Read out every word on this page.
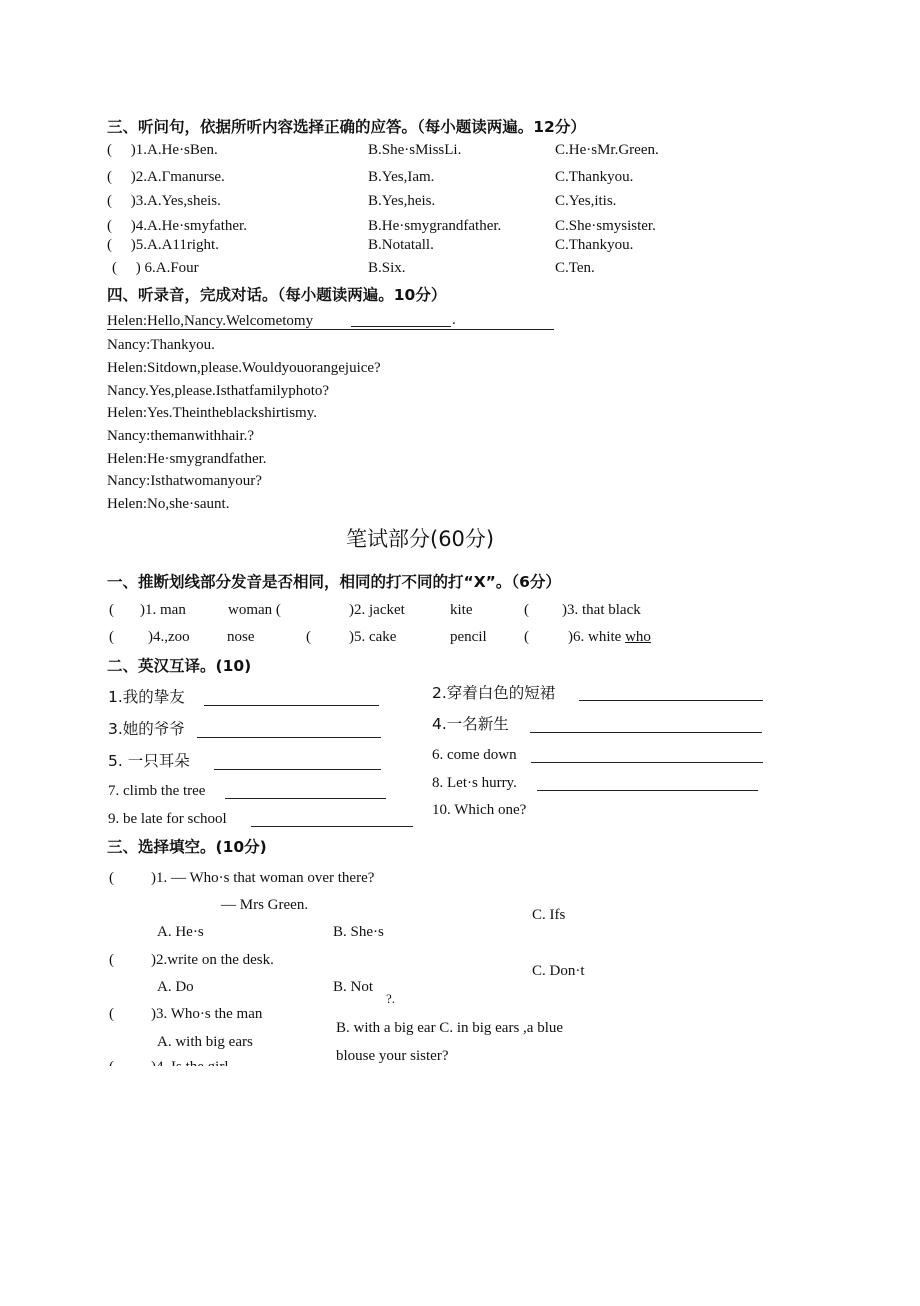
三、听问句，依据所听内容选择正确的应答。（每小题读两遍。12分）
(　 )1.A.He·sBen.	B.She·sMissLi.	C.He·sMr.Green.
(　 )2.A.Γmanurse.	B.Yes,Iam.	C.Thankyou.
(　 )3.A.Yes,sheis.	B.Yes,heis.	C.Yes,itis.
(　 )4.A.He·smyfather.	B.He·smygrandfather.	C.She·smysister.
(　 )5.A.A11right.	B.Notatall.	C.Thankyou.
(　 ) 6.A.Four	B.Six.	C.Ten.
四、听录音，完成对话。（每小题读两遍。10分）
Helen:Hello,Nancy.Welcometomy	.
Nancy:Thankyou.
Helen:Sitdown,please.Wouldyouorangejuice?
Nancy.Yes,please.Isthatfamilyphoto?
Helen:Yes.Theintheblackshirtismy.
Nancy:themanwithhair.?
Helen:He·smygrandfather.
Nancy:Isthatwomanyour?
Helen:No,she·saunt.
笔试部分(60分)
一、推断划线部分发音是否相同，相同的打不同的打“X”。（6分）
( )1. man	woman (	)2. jacket	kite	( )3. that black
( )4.,zoo nose	(	)5. cake	pencil (	)6. white who
二、英汉互译。(10)
1.我的挚友	2.穿着白色的短裙
3.她的爷爷	4.一名新生
5. 一只耳朵	6. come down
7. climb the tree	8. Let·s hurry.
9. be late for school
10. Which one?
三、选择填空。(10分)
( )1. — Who·s that woman over there?
— Mrs Green.
C. Ifs
A. He·s	B. She·s
( )2.write on the desk.
C. Don·t
A. Do	B. Not
?.
( )3. Who·s the man
B. with a big ear C. in big ears ,a blue
A. with big ears
blouse your sister?
